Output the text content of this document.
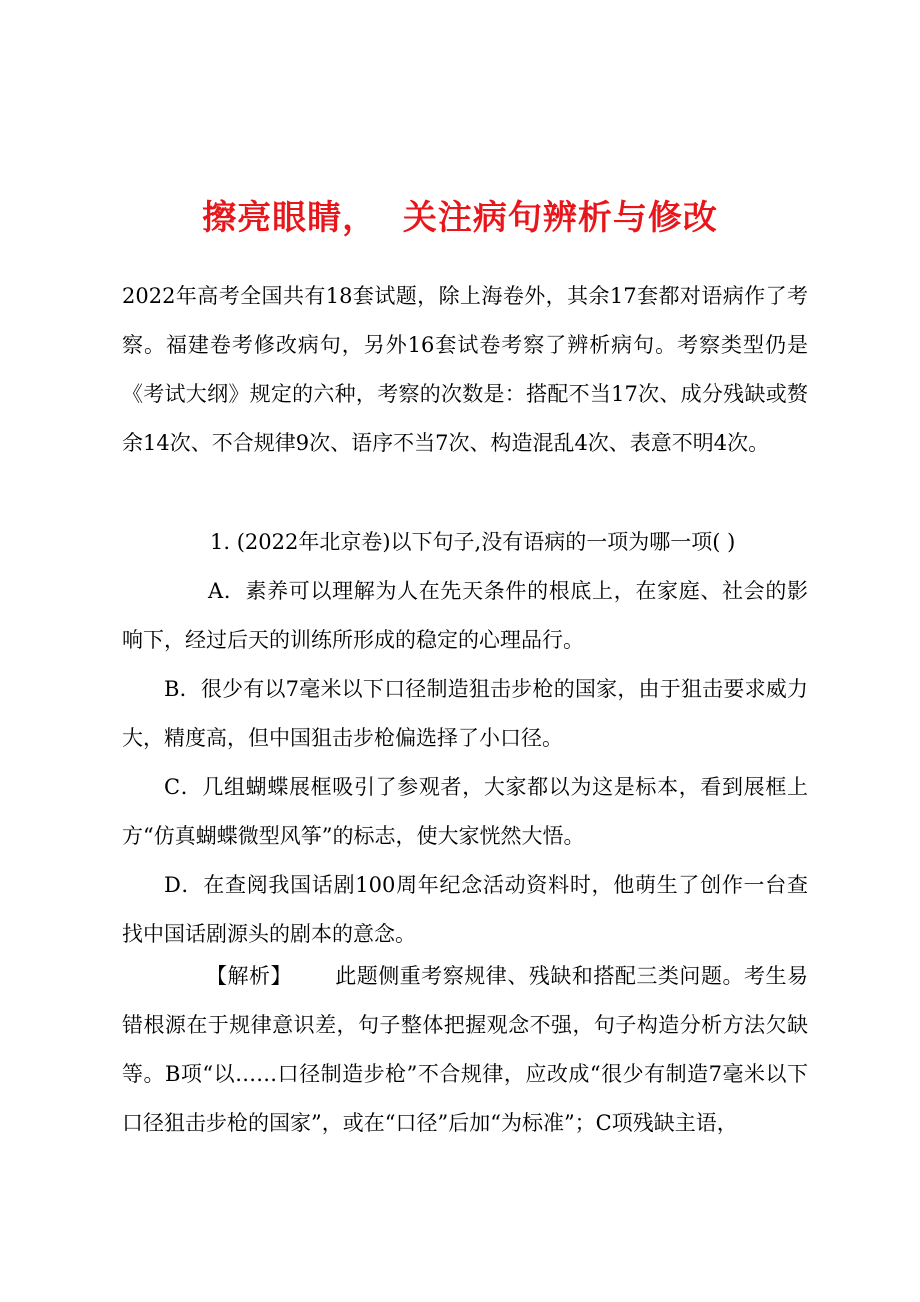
擦亮眼睛，  关注病句辨析与修改

2022年高考全国共有18套试题，除上海卷外，其余17套都对语病作了考察。福建卷考修改病句，另外16套试卷考察了辨析病句。考察类型仍是《考试大纲》规定的六种，考察的次数是：搭配不当17次、成分残缺或赘余14次、不合规律9次、语序不当7次、构造混乱4次、表意不明4次。

1. (2022年北京卷)以下句子,没有语病的一项为哪一项( )

A．素养可以理解为人在先天条件的根底上，在家庭、社会的影响下，经过后天的训练所形成的稳定的心理品行。

B．很少有以7毫米以下口径制造狙击步枪的国家，由于狙击要求威力大，精度高，但中国狙击步枪偏选择了小口径。

C．几组蝴蝶展框吸引了参观者，大家都以为这是标本，看到展框上方“仿真蝴蝶微型风筝”的标志，使大家恍然大悟。

D．在查阅我国话剧100周年纪念活动资料时，他萌生了创作一台查找中国话剧源头的剧本的意念。

【解析】 此题侧重考察规律、残缺和搭配三类问题。考生易错根源在于规律意识差，句子整体把握观念不强，句子构造分析方法欠缺等。B项“以……口径制造步枪”不合规律，应改成“很少有制造7毫米以下口径狙击步枪的国家”，或在“口径”后加“为标准”；C项残缺主语，
